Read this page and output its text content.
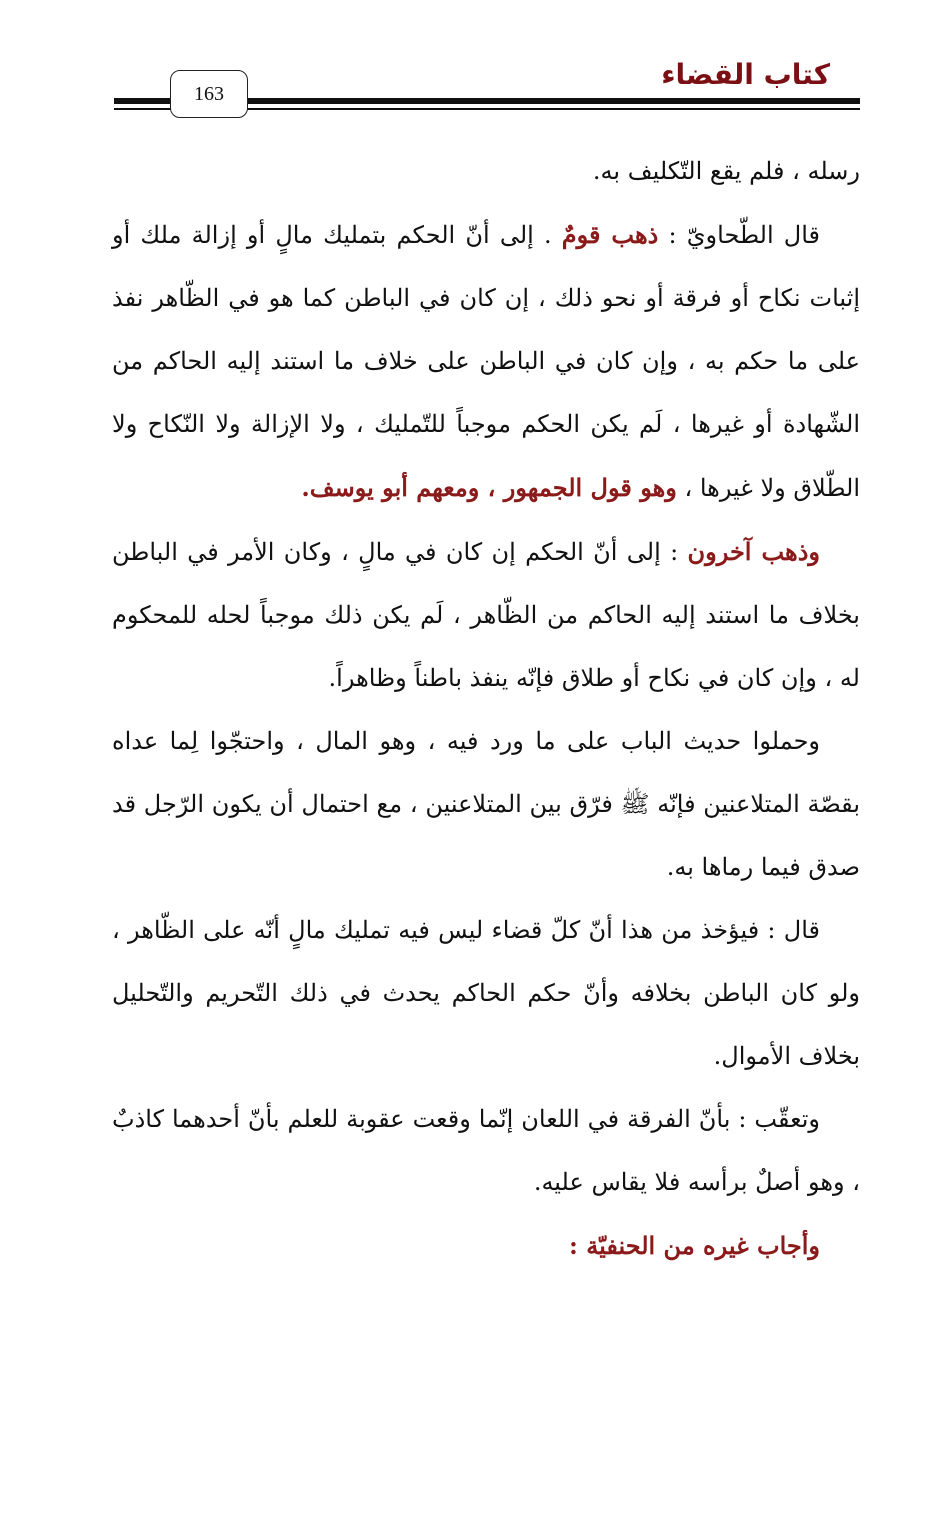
كتاب القضاء
163

رسله ، فلم يقع التّكليف به.

قال الطّحاويّ : ذهب قومٌ . إلى أنّ الحكم بتمليك مالٍ أو إزالة ملك أو إثبات نكاح أو فرقة أو نحو ذلك ، إن كان في الباطن كما هو في الظّاهر نفذ على ما حكم به ، وإن كان في الباطن على خلاف ما استند إليه الحاكم من الشّهادة أو غيرها ، لَم يكن الحكم موجباً للتّمليك ، ولا الإزالة ولا النّكاح ولا الطّلاق ولا غيرها ، وهو قول الجمهور ، ومعهم أبو يوسف.

وذهب آخرون : إلى أنّ الحكم إن كان في مالٍ ، وكان الأمر في الباطن بخلاف ما استند إليه الحاكم من الظّاهر ، لَم يكن ذلك موجباً لحله للمحكوم له ، وإن كان في نكاح أو طلاق فإنّه ينفذ باطناً وظاهراً.

وحملوا حديث الباب على ما ورد فيه ، وهو المال ، واحتجّوا لِما عداه بقصّة المتلاعنين فإنّه ﷺ فرّق بين المتلاعنين ، مع احتمال أن يكون الرّجل قد صدق فيما رماها به.

قال : فيؤخذ من هذا أنّ كلّ قضاء ليس فيه تمليك مالٍ أنّه على الظّاهر ، ولو كان الباطن بخلافه وأنّ حكم الحاكم يحدث في ذلك التّحريم والتّحليل بخلاف الأموال.

وتعقّب : بأنّ الفرقة في اللعان إنّما وقعت عقوبة للعلم بأنّ أحدهما كاذبٌ ، وهو أصلٌ برأسه فلا يقاس عليه.

وأجاب غيره من الحنفيّة :
